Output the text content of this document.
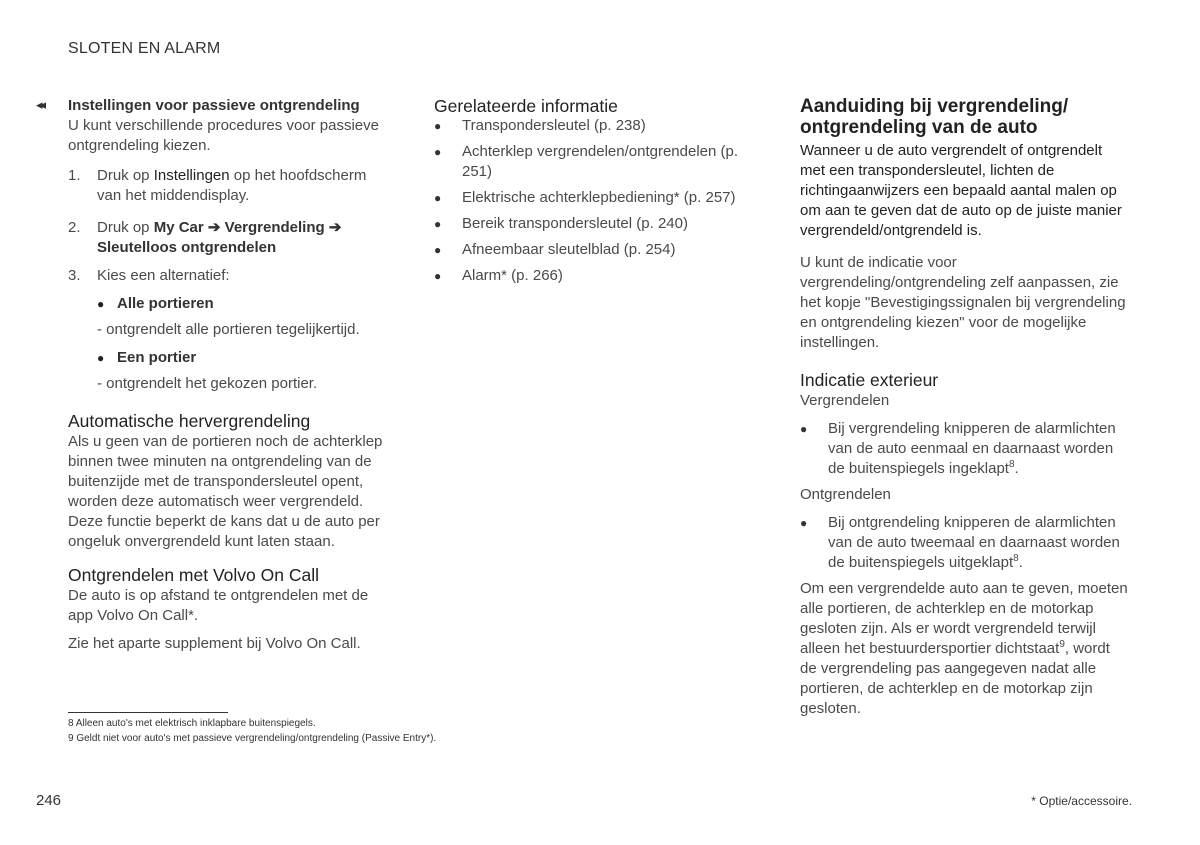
SLOTEN EN ALARM
◂◂ Instellingen voor passieve ontgrendeling

U kunt verschillende procedures voor passieve ontgrendeling kiezen.

1.	Druk op Instellingen op het hoofdscherm van het middendisplay.
2.	Druk op My Car ➔ Vergrendeling ➔
Sleutelloos ontgrendelen
3.	Kies een alternatief:
● Alle portieren

- ontgrendelt alle portieren tegelijkertijd.

● Een portier

- ontgrendelt het gekozen portier.

Automatische hervergrendeling

Als u geen van de portieren noch de achterklep binnen twee minuten na ontgrendeling van de buitenzijde met de transpondersleutel opent, worden deze automatisch weer vergrendeld. Deze functie beperkt de kans dat u de auto per ongeluk onvergrendeld kunt laten staan.

Ontgrendelen met Volvo On Call

De auto is op afstand te ontgrendelen met de app Volvo On Call*.

Zie het aparte supplement bij Volvo On Call.

Gerelateerde informatie
●	Transpondersleutel (p. 238)
●	Achterklep vergrendelen/ontgrendelen (p. 251)
●	Elektrische achterklepbediening* (p. 257)
●	Bereik transpondersleutel (p. 240)
●	Afneembaar sleutelblad (p. 254)
●	Alarm* (p. 266)
Aanduiding bij vergrendeling/ ontgrendeling van de auto

Wanneer u de auto vergrendelt of ontgrendelt met een transpondersleutel, lichten de richtingaanwijzers een bepaald aantal malen op om aan te geven dat de auto op de juiste manier vergrendeld/ontgrendeld is.

U kunt de indicatie voor vergrendeling/ontgrendeling zelf aanpassen, zie het kopje "Bevestigingssignalen bij vergrendeling en ontgrendeling kiezen" voor de mogelijke instellingen.

Indicatie exterieur

Vergrendelen

●	Bij vergrendeling knipperen de alarmlichten van de auto eenmaal en daarnaast worden de buitenspiegels ingeklapt$^8$.

Ontgrendelen

●	Bij ontgrendeling knipperen de alarmlichten van de auto tweemaal en daarnaast worden de buitenspiegels uitgeklapt$^8$.

Om een vergrendelde auto aan te geven, moeten alle portieren, de achterklep en de motorkap gesloten zijn. Als er wordt vergrendeld terwijl alleen het bestuurdersportier dichtstaat$^9$, wordt de vergrendeling pas aangegeven nadat alle portieren, de achterklep en de motorkap zijn gesloten.

8 Alleen auto's met elektrisch inklapbare buitenspiegels.
9 Geldt niet voor auto's met passieve vergrendeling/ontgrendeling (Passive Entry*).
246	* Optie/accessoire.
